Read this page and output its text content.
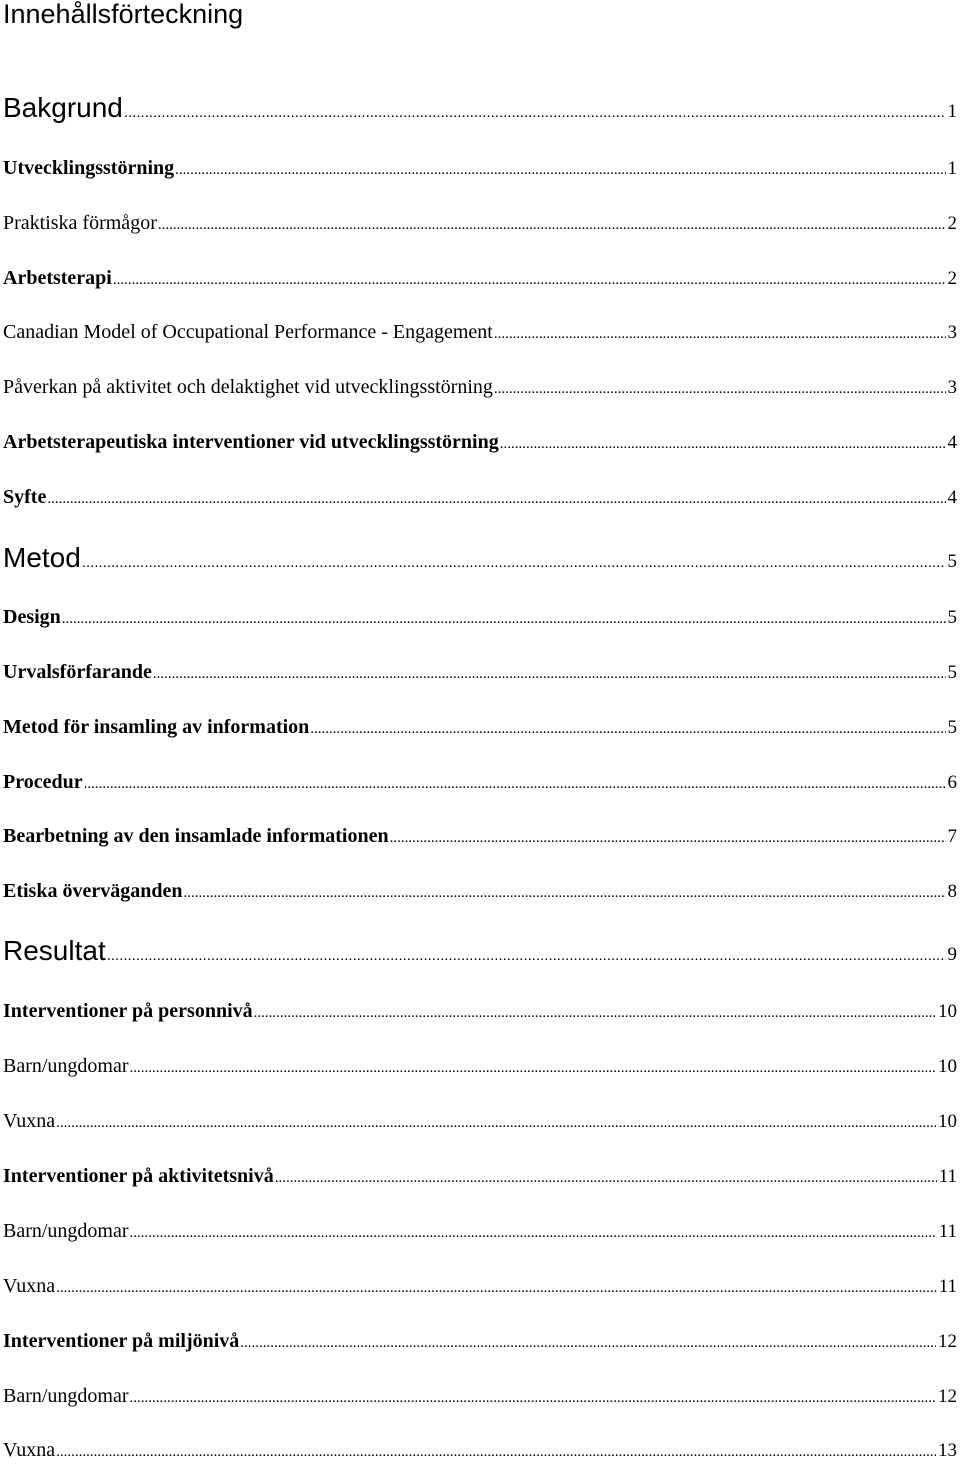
Innehållsförteckning
Bakgrund .....	1
Utvecklingsstörning .....	1
Praktiska förmågor .....	2
Arbetsterapi .....	2
Canadian Model of Occupational Performance - Engagement .....	3
Påverkan på aktivitet och delaktighet vid utvecklingsstörning .....	3
Arbetsterapeutiska interventioner vid utvecklingsstörning .....	4
Syfte .....	4
Metod .....	5
Design .....	5
Urvalsförfarande .....	5
Metod för insamling av information .....	5
Procedur .....	6
Bearbetning av den insamlade informationen .....	7
Etiska överväganden .....	8
Resultat .....	9
Interventioner på personnivå .....	10
Barn/ungdomar .....	10
Vuxna .....	10
Interventioner på aktivitetsnivå .....	11
Barn/ungdomar .....	11
Vuxna .....	11
Interventioner på miljönivå .....	12
Barn/ungdomar .....	12
Vuxna .....	13
